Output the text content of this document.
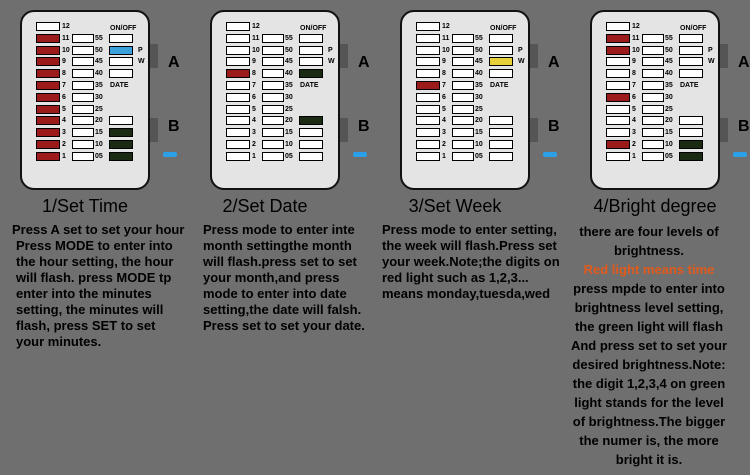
ON/OFF
12
11
10
9
8
7
6
5
4
3
2
1
55
50
45
40
35
30
25
20
15
10
05
P
W
DATE
A
B
1/Set Time
ON/OFF
12
11
10
9
8
7
6
5
4
3
2
1
55
50
45
40
35
30
25
20
15
10
05
P
W
DATE
A
B
2/Set Date
ON/OFF
12
11
10
9
8
7
6
5
4
3
2
1
55
50
45
40
35
30
25
20
15
10
05
P
W
DATE
A
B
3/Set Week
ON/OFF
12
11
10
9
8
7
6
5
4
3
2
1
55
50
45
40
35
30
25
20
15
10
05
P
W
DATE
A
B
4/Bright degree
Press A set to set your hour
Press MODE to enter into
the hour setting, the hour
will flash. press MODE tp
enter into the minutes
setting, the minutes will
flash, press SET to set
your minutes.
Press mode to enter inte
month settingthe month
will flash.press set to set
your month,and press
mode to enter into date
setting,the date will falsh.
Press set to set your date.
Press mode to enter setting,
the week will flash.Press set
your week.Note;the digits on
red light such as 1,2,3...
means monday,tuesda,wed
there are four levels of
brightness.
Red light means time
press mpde to enter into
brightness level setting,
the green light will flash
And press set to set your
desired brightness.Note:
the digit 1,2,3,4 on green
light stands for the level
of brightness.The bigger
the numer is, the more
bright it is.
